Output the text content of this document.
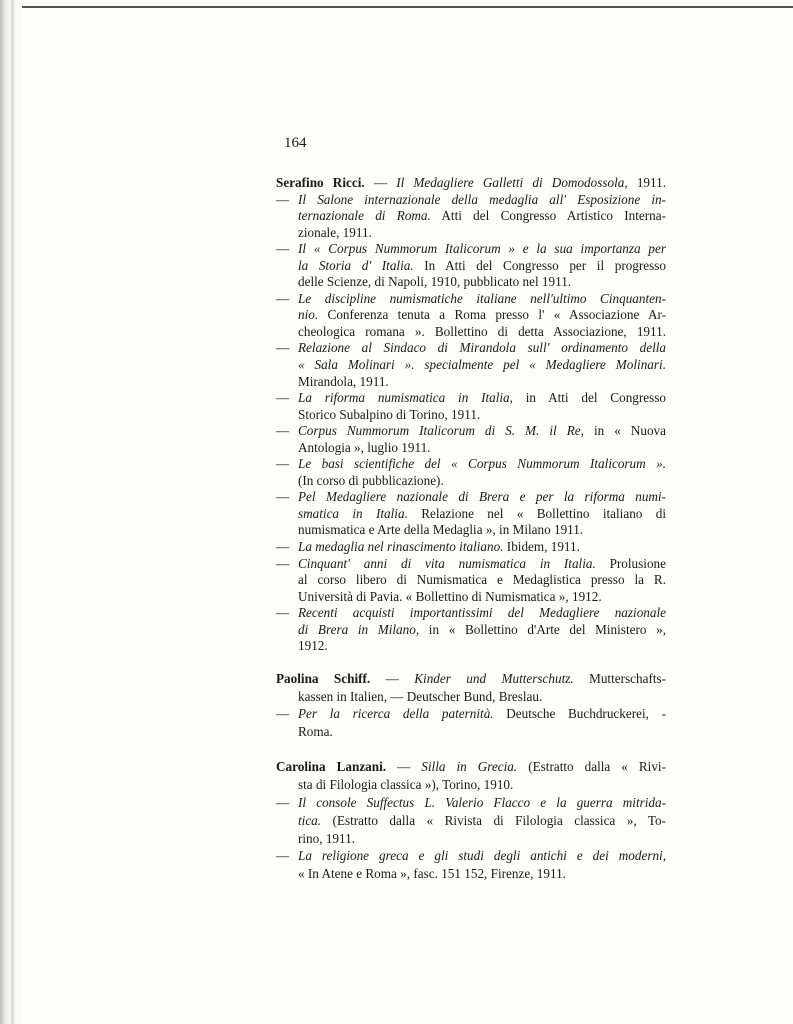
164
Serafino Ricci. — Il Medagliere Galletti di Domodossola, 1911.
— Il Salone internazionale della medaglia all' Esposizione in-
ternazionale di Roma. Atti del Congresso Artistico Interna-
zionale, 1911.
— Il « Corpus Nummorum Italicorum » e la sua importanza per
la Storia d' Italia. In Atti del Congresso per il progresso
delle Scienze, di Napoli, 1910, pubblicato nel 1911.
— Le discipline numismatiche italiane nell'ultimo Cinquanten-
nio. Conferenza tenuta a Roma presso l' « Associazione Ar-
cheologica romana ». Bollettino di detta Associazione, 1911.
— Relazione al Sindaco di Mirandola sull' ordinamento della
« Sala Molinari ». specialmente pel « Medagliere Molinari.
Mirandola, 1911.
— La riforma numismatica in Italia, in Atti del Congresso
Storico Subalpino di Torino, 1911.
— Corpus Nummorum Italicorum di S. M. il Re, in « Nuova
Antologia », luglio 1911.
— Le basi scientifiche del « Corpus Nummorum Italicorum ».
(In corso di pubblicazione).
— Pel Medagliere nazionale di Brera e per la riforma numi-
smatica in Italia. Relazione nel « Bollettino italiano di
numismatica e Arte della Medaglia », in Milano 1911.
— La medaglia nel rinascimento italiano. Ibidem, 1911.
— Cinquant' anni di vita numismatica in Italia. Prolusione
al corso libero di Numismatica e Medaglistica presso la R.
Università di Pavia. « Bollettino di Numismatica », 1912.
— Recenti acquisti importantissimi del Medagliere nazionale
di Brera in Milano, in « Bollettino d'Arte del Ministero »,
1912.
Paolina Schiff. — Kinder und Mutterschutz. Mutterschafts-
kassen in Italien, — Deutscher Bund, Breslau.
— Per la ricerca della paternità. Deutsche Buchdruckerei, -
Roma.
Carolina Lanzani. — Silla in Grecia. (Estratto dalla « Rivi-
sta di Filologia classica »), Torino, 1910.
— Il console Suffectus L. Valerio Flacco e la guerra mitrida-
tica. (Estratto dalla « Rivista di Filologia classica », To-
rino, 1911.
— La religione greca e gli studi degli antichi e dei moderni,
« In Atene e Roma », fasc. 151 152, Firenze, 1911.
